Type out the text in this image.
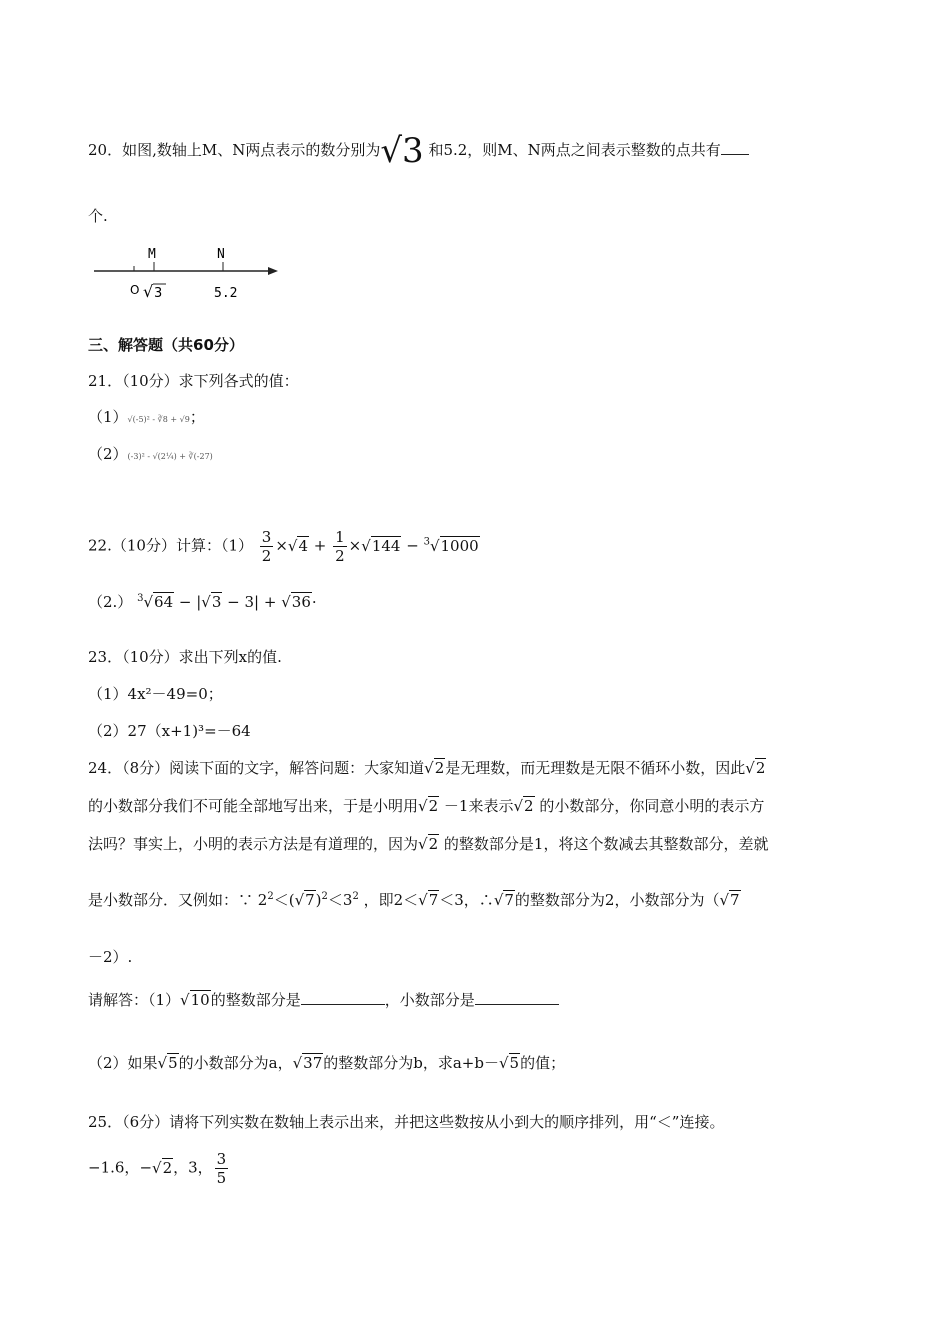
20．如图,数轴上M、N两点表示的数分别为√3 和5.2，则M、N两点之间表示整数的点共有
个.
M	N
O √ 3	5.2
三、解答题（共60分）
21．（10分）求下列各式的值：
（1）√(-5)² - ∛8 + √9；
（2）(-3)² - √(2¼) + ∛(-27)
22.（10分）计算：$(1) \frac{3}{2} \times√4 + \frac{1}{2} \times√144 - ^3√1000$
（2.） $^3$√64 − |√3 − 3| + √36·
23．（10分）求出下列x的值.
（1）4x²－49=0；
（2）27（x+1)³=－64
24．（8分）阅读下面的文字，解答问题：大家知道√2是无理数，而无理数是无限不循环小数，因此√2
的小数部分我们不可能全部地写出来，于是小明用√2 －1来表示√2 的小数部分，你同意小明的表示方
法吗？事实上，小明的表示方法是有道理的，因为√2 的整数部分是1，将这个数减去其整数部分，差就
是小数部分．又例如：∵ $2^2<(√7)^2<3^2$ ，即2＜√7＜3，∴√7的整数部分为2，小数部分为（√7
－2）.
请解答：（1）√10的整数部分是	，小数部分是
（2）如果√5的小数部分为a，√37的整数部分为b，求a+b－√5的值；
25．（6分）请将下列实数在数轴上表示出来，并把这些数按从小到大的顺序排列，用“＜”连接。
−1.6，−√2，3， $\frac{3}{5}$
